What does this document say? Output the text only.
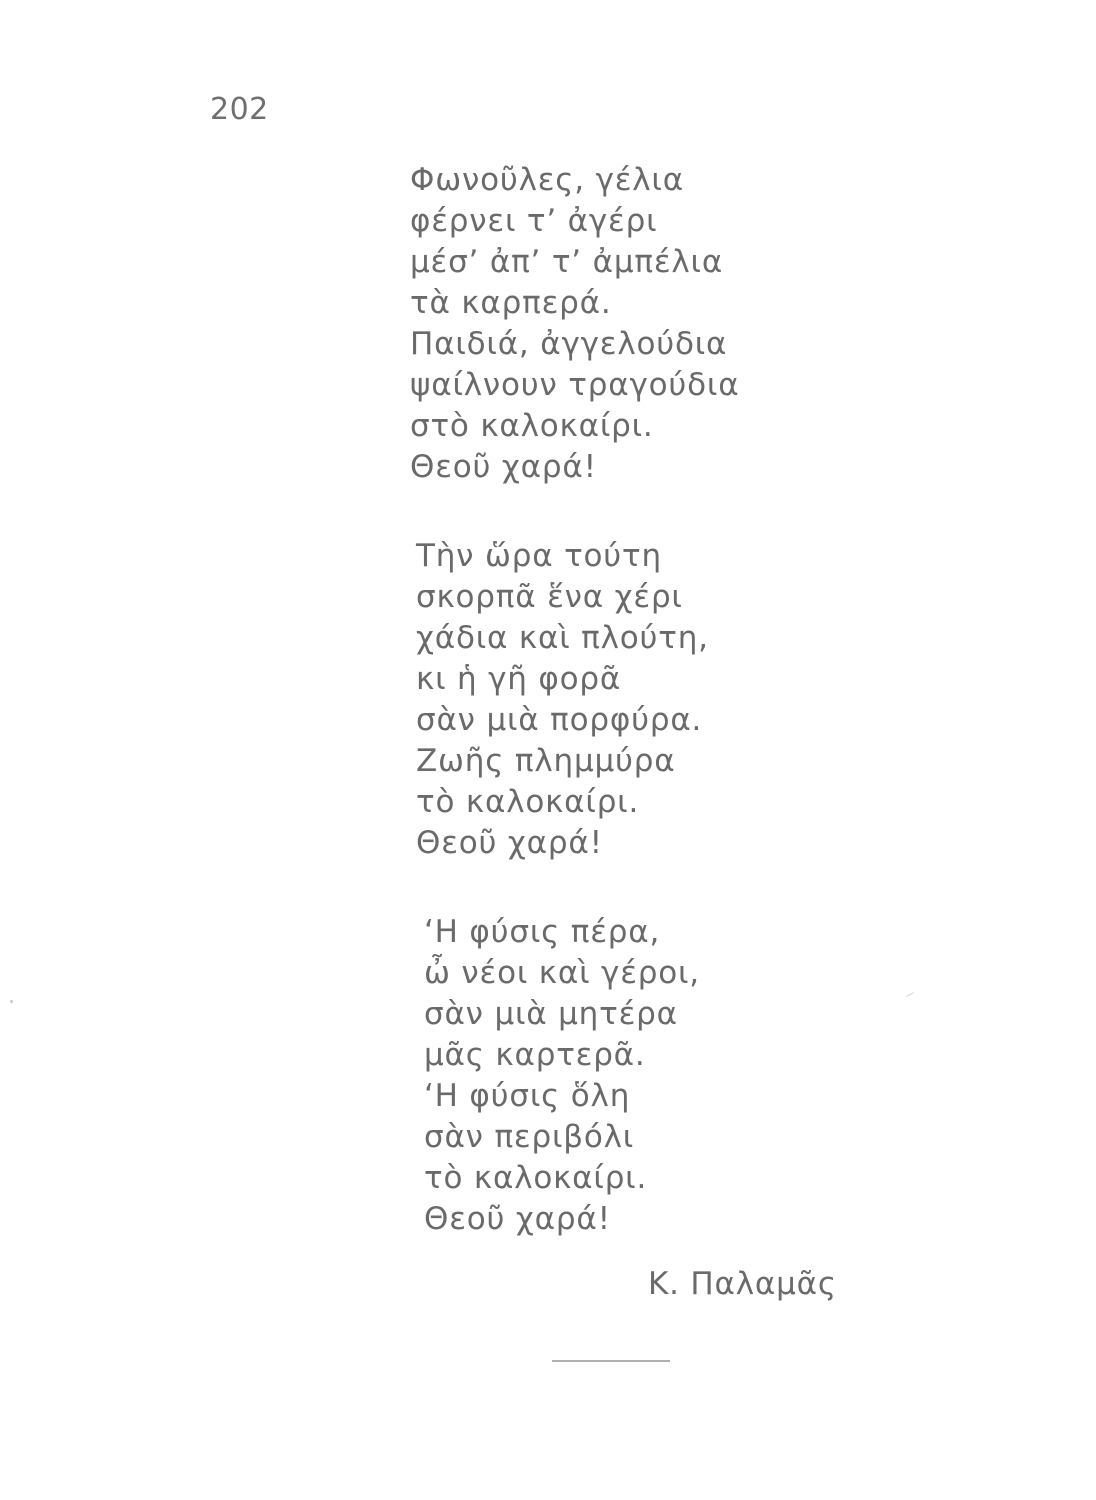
202
Φωνοῦλες, γέλια
φέρνει τ’ ἀγέρι
μέσ’ ἀπ’ τ’ ἀμπέλια
τὰ καρπερά.
Παιδιά, ἀγγελούδια
ψαίλνουν τραγούδια
στὸ καλοκαίρι.
Θεοῦ χαρά!
Τὴν ὥρα τούτη
σκορπᾶ ἕνα χέρι
χάδια καὶ πλούτη,
κι ἡ γῆ φορᾶ
σὰν μιὰ πορφύρα.
Ζωῆς πλημμύρα
τὸ καλοκαίρι.
Θεοῦ χαρά!
‘Η φύσις πέρα,
ὦ νέοι καὶ γέροι,
σὰν μιὰ μητέρα
μᾶς καρτερᾶ.
‘Η φύσις ὅλη
σὰν περιβόλι
τὸ καλοκαίρι.
Θεοῦ χαρά!
Κ. Παλαμᾶς
